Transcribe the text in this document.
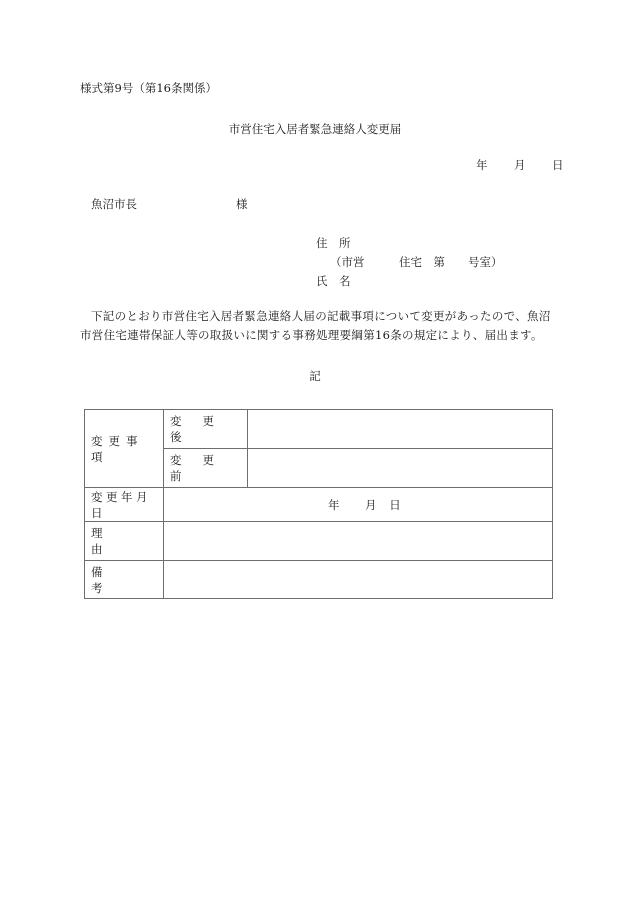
様式第9号（第16条関係）
市営住宅入居者緊急連絡人変更届
年 月 日
魚沼市長	様
住　所
（市営　　　住宅　第　　号室）
氏　名
下記のとおり市営住宅入居者緊急連絡人届の記載事項について変更があったので、魚沼市営住宅連帯保証人等の取扱いに関する事務処理要綱第16条の規定により、届出ます。
記
変更事項	変更後	

	変更前	

変更年月日	年 月 日	

理由		

備考		
